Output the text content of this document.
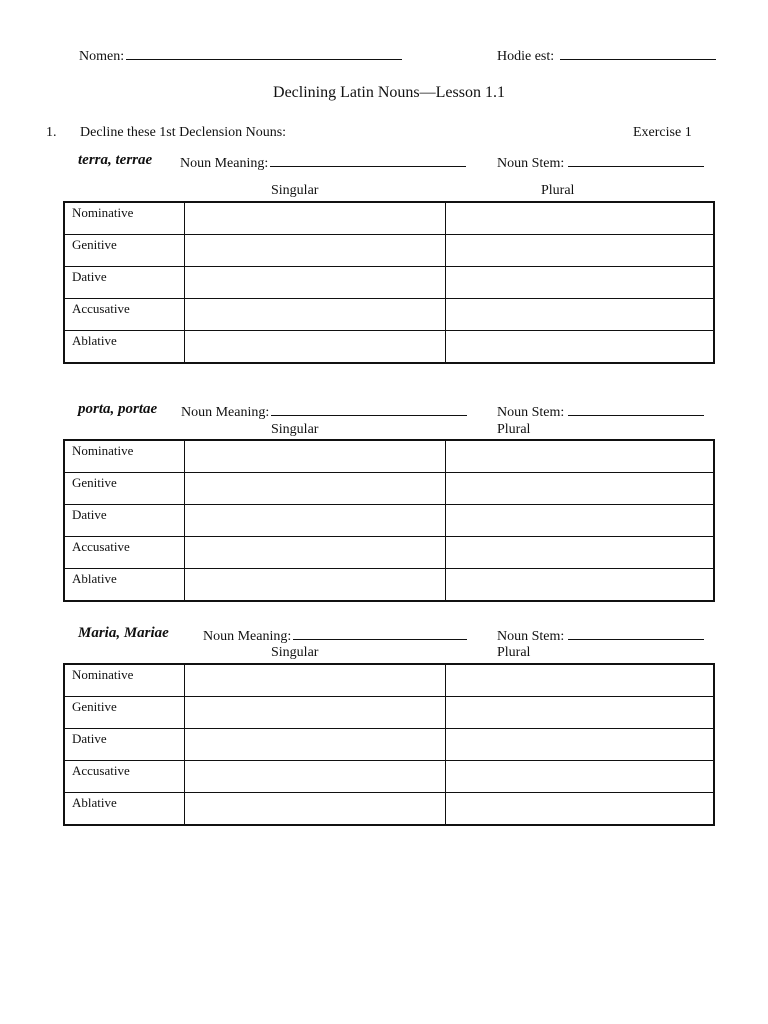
Nomen:	Hodie est:
Declining Latin Nouns—Lesson 1.1
1. Decline these 1st Declension Nouns:	Exercise 1
terra, terrae Noun Meaning:	Noun Stem:
Singular	Plural
Nominative		
Genitive		
Dative		
Accusative		
Ablative		
porta, portae Noun Meaning:	Noun Stem:
Singular	Plural
Nominative		
Genitive		
Dative		
Accusative		
Ablative		
Maria, Mariae Noun Meaning:	Noun Stem:
Singular	Plural
Nominative		
Genitive		
Dative		
Accusative		
Ablative		
